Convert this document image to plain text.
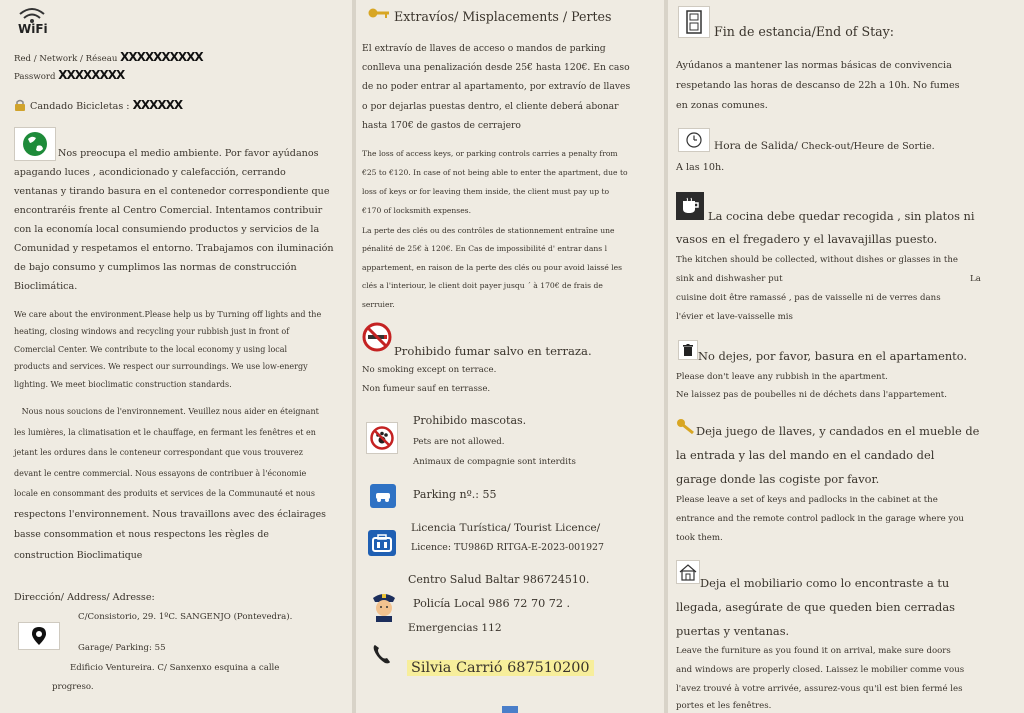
WiFi
Red / Network / Réseau XXXXXXXXXX
Password XXXXXXXX
Candado Bicicletas : XXXXXX
Nos preocupa el medio ambiente. Por favor ayúdanos
apagando luces , acondicionado y calefacción, cerrando
ventanas y tirando basura en el contenedor correspondiente que
encontraréis frente al Centro Comercial. Intentamos contribuir
con la economía local consumiendo productos y servicios de la
Comunidad y respetamos el entorno. Trabajamos con iluminación
de bajo consumo y cumplimos las normas de construcción
Bioclimática.
We care about the environment.Please help us by Turning off lights and the
heating, closing windows and recycling your rubbish just in front of
Comercial Center. We contribute to the local economy y using local
products and services. We respect our surroundings. We use low-energy
lighting. We meet bioclimatic construction standards.
Nous nous soucions de l'environnement. Veuillez nous aider en éteignant
les lumières, la climatisation et le chauffage, en fermant les fenêtres et en
jetant les ordures dans le conteneur correspondant que vous trouverez
devant le centre commercial. Nous essayons de contribuer à l'économie
locale en consommant des produits et services de la Communauté et nous
respectons l'environnement. Nous travaillons avec des éclairages
basse consommation et nous respectons les règles de
construction Bioclimatique
Dirección/ Address/ Adresse:
C/Consistorio, 29. 1ºC. SANGENJO (Pontevedra).
Garage/ Parking: 55
Edificio Ventureira. C/ Sanxenxo esquina a calle
progreso.
Extravíos/ Misplacements / Pertes
El extravío de llaves de acceso o mandos de parking
conlleva una penalización desde 25€ hasta 120€. En caso
de no poder entrar al apartamento, por extravío de llaves
o por dejarlas puestas dentro, el cliente deberá abonar
hasta 170€ de gastos de cerrajero
The loss of access keys, or parking controls carries a penalty from
€25 to €120. In case of not being able to enter the apartment, due to
loss of keys or for leaving them inside, the client must pay up to
€170 of locksmith expenses.
La perte des clés ou des contrôles de stationnement entraîne une
pénalité de 25€ à 120€. En Cas de impossibilité d' entrar dans l
appartement, en raison de la perte des clés ou pour avoid laissé les
clés a l'interiour, le client doit payer jusqu ´ à 170€ de frais de
serruier.
Prohibido fumar salvo en terraza.
No smoking except on terrace.
Non fumeur sauf en terrasse.
Prohibido mascotas.
Pets are not allowed.
Animaux de compagnie sont interdits
Parking nº.: 55
Licencia Turística/ Tourist Licence/
Licence: TU986D RITGA-E-2023-001927
Centro Salud Baltar 986724510.
Policía Local 986 72 70 72 .
Emergencias 112
Silvia Carrió 687510200
Fin de estancia/End of Stay:
Ayúdanos a mantener las normas básicas de convivencia
respetando las horas de descanso de 22h a 10h. No fumes
en zonas comunes.
Hora de Salida/ Check-out/Heure de Sortie.
A las 10h.
La cocina debe quedar recogida , sin platos ni
vasos en el fregadero y el lavavajillas puesto.
The kitchen should be collected, without dishes or glasses in the
sink and dishwasher put	La
cuisine doit être ramassé , pas de vaisselle ni de verres dans
l'évier et lave-vaisselle mis
No dejes, por favor, basura en el apartamento.
Please don't leave any rubbish in the apartment.
Ne laissez pas de poubelles ni de déchets dans l'appartement.
Deja juego de llaves, y candados en el mueble de
la entrada y las del mando en el candado del
garage donde las cogiste por favor.
Please leave a set of keys and padlocks in the cabinet at the
entrance and the remote control padlock in the garage where you
took them.
Deja el mobiliario como lo encontraste a tu
llegada, asegúrate de que queden bien cerradas
puertas y ventanas.
Leave the furniture as you found it on arrival, make sure doors
and windows are properly closed. Laissez le mobilier comme vous
l'avez trouvé à votre arrivée, assurez-vous qu'il est bien fermé les
portes et les fenêtres.
